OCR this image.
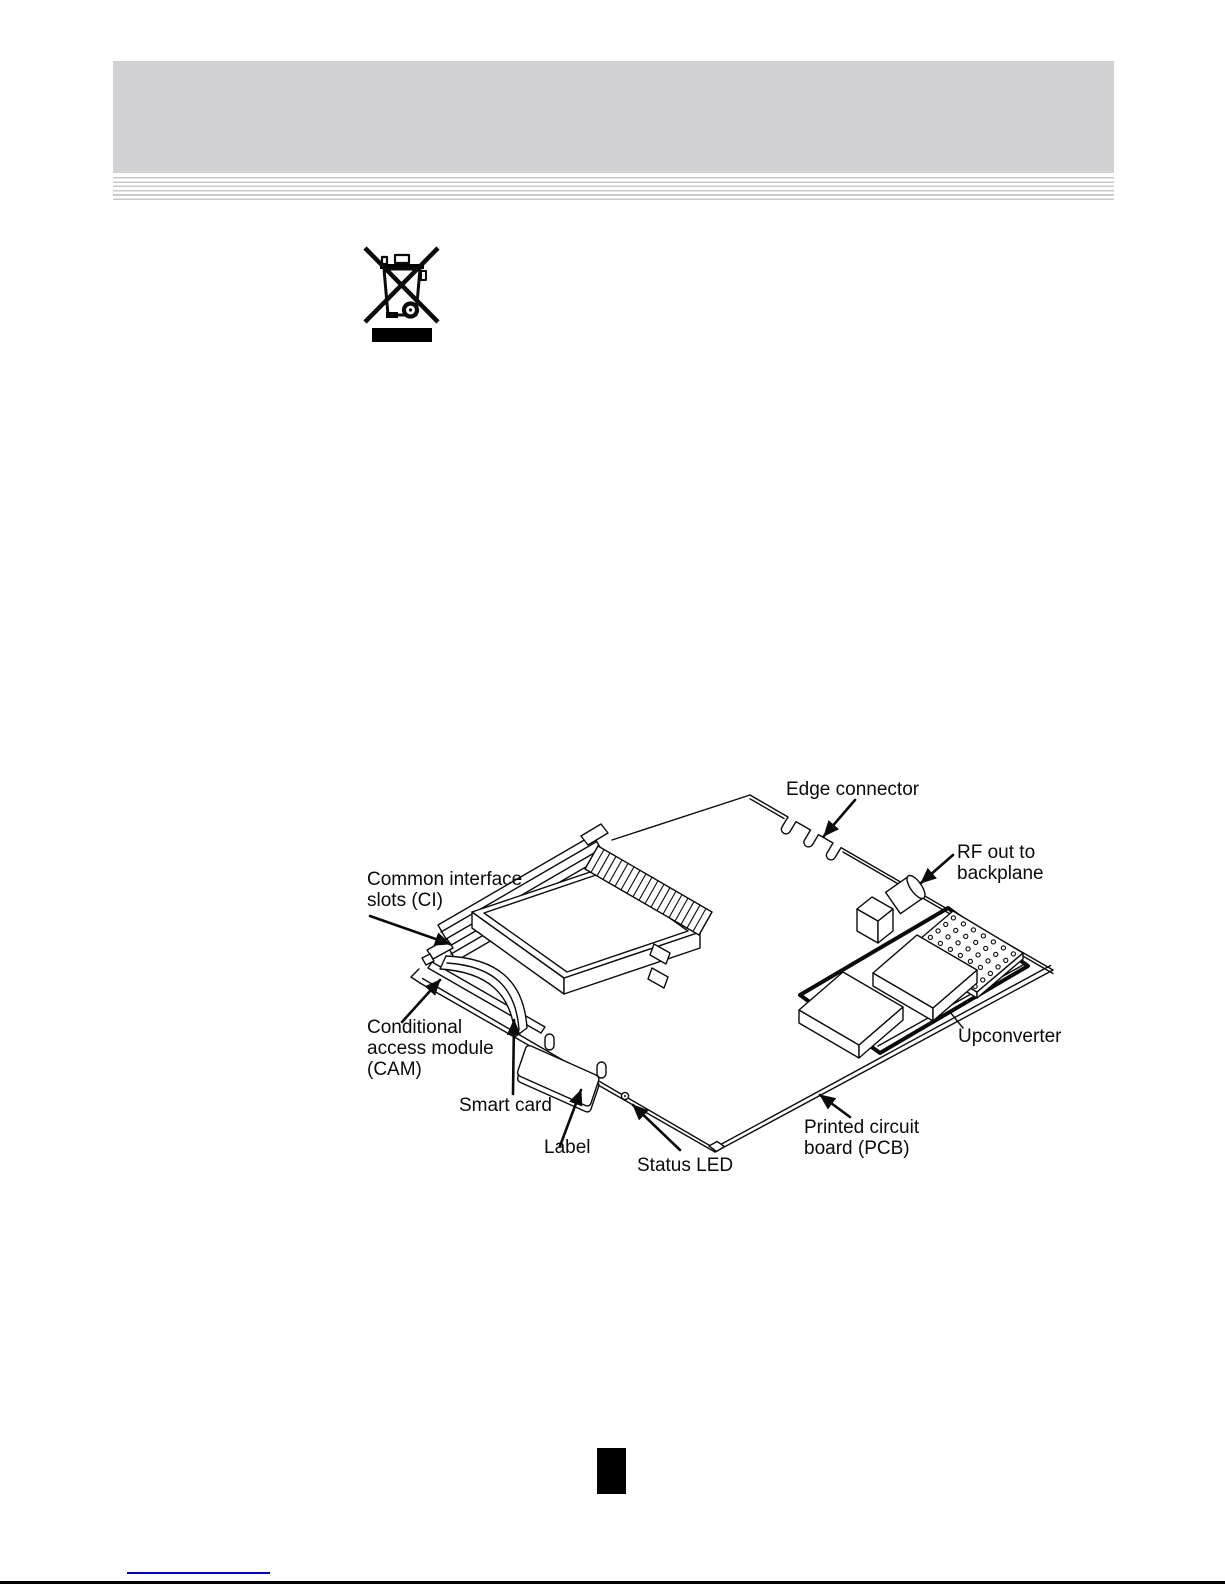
Edge connector
RF out to
backplane
Common interface
slots (CI)
Conditional
access module
(CAM)
Smart card
Label
Status LED
Printed circuit
board (PCB)
Upconverter
